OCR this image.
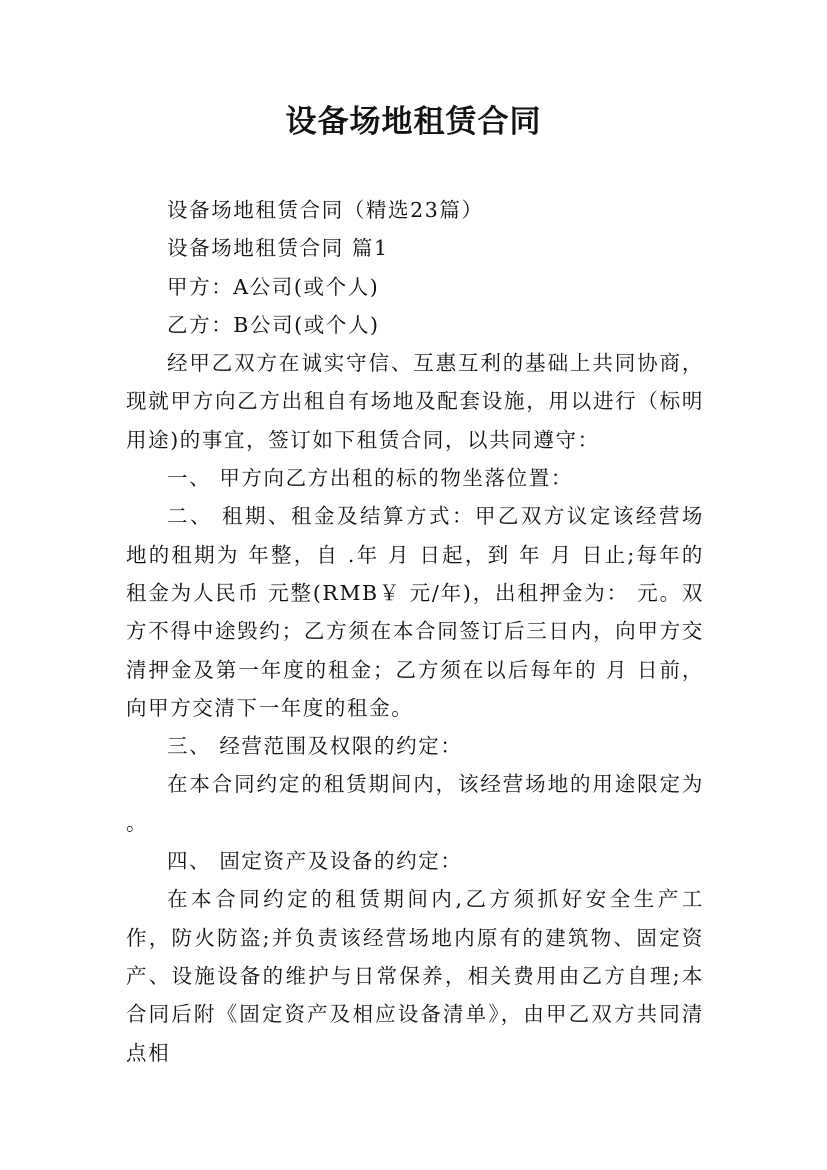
设备场地租赁合同

设备场地租赁合同（精选23篇）

设备场地租赁合同 篇1

甲方：A公司(或个人)

乙方：B公司(或个人)

经甲乙双方在诚实守信、互惠互利的基础上共同协商，现就甲方向乙方出租自有场地及配套设施，用以进行（标明用途)的事宜，签订如下租赁合同，以共同遵守：

一、 甲方向乙方出租的标的物坐落位置：

二、 租期、租金及结算方式：甲乙双方议定该经营场地的租期为 年整，自 .年 月 日起，到 年 月 日止;每年的租金为人民币 元整(RMB￥ 元/年)，出租押金为： 元。双方不得中途毁约；乙方须在本合同签订后三日内，向甲方交清押金及第一年度的租金；乙方须在以后每年的 月 日前，向甲方交清下一年度的租金。

三、 经营范围及权限的约定：

在本合同约定的租赁期间内，该经营场地的用途限定为 。

四、 固定资产及设备的约定：

在本合同约定的租赁期间内,乙方须抓好安全生产工作，防火防盗;并负责该经营场地内原有的建筑物、固定资产、设施设备的维护与日常保养，相关费用由乙方自理;本合同后附《固定资产及相应设备清单》，由甲乙双方共同清点相
